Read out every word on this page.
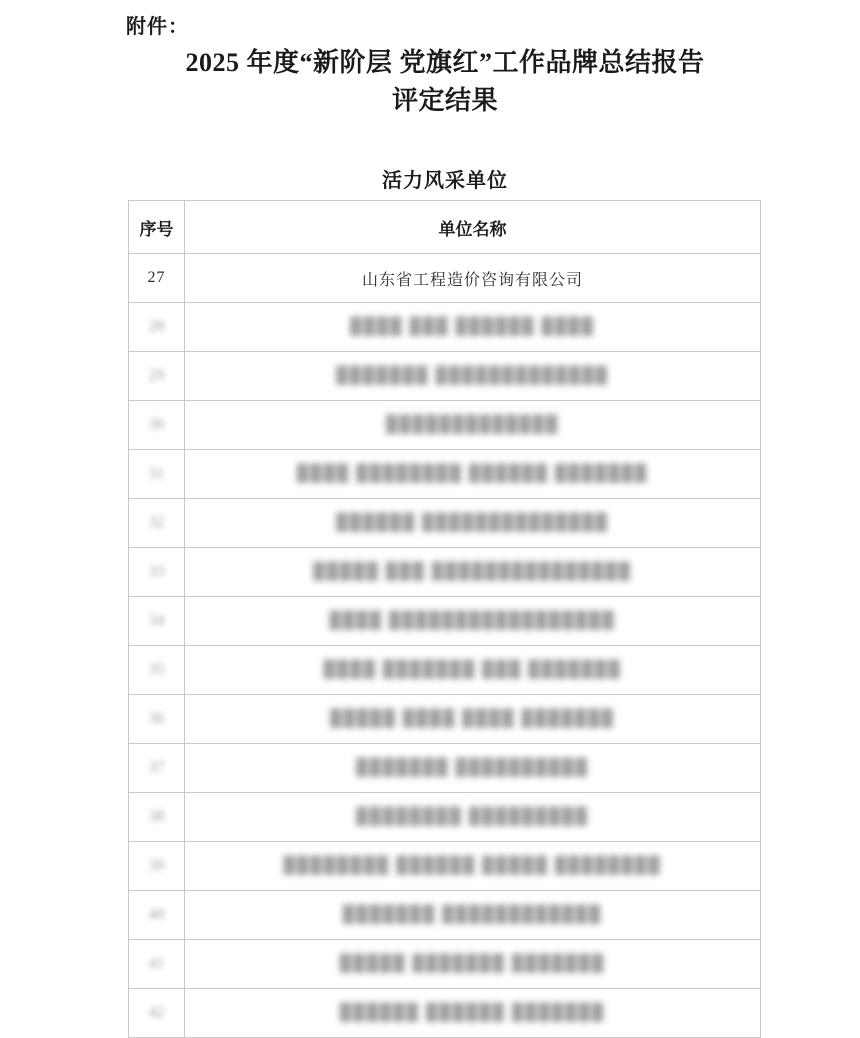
附件：
2025 年度“新阶层 党旗红”工作品牌总结报告
评定结果
活力风采单位
序号	单位名称
27	山东省工程造价咨询有限公司
28	████ ███ ██████ ████
29	███████ █████████████
30	█████████████
31	████ ████████ ██████ ███████
32	██████ ██████████████
33	█████ ███ ███████████████
34	████ █████████████████
35	████ ███████ ███ ███████
36	█████ ████ ████ ███████
37	███████ ██████████
38	████████ █████████
39	████████ ██████ █████ ████████
40	███████ ████████████
41	█████ ███████ ███████
42	██████ ██████ ███████
